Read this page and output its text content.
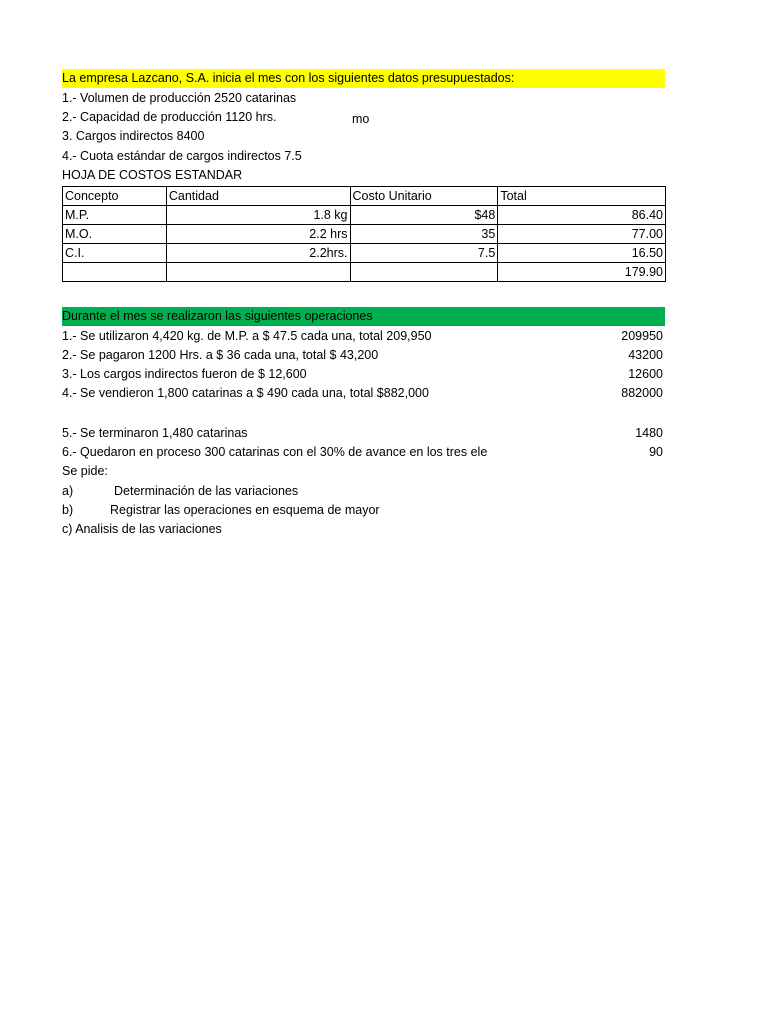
La empresa Lazcano, S.A. inicia el mes con los siguientes datos presupuestados:
1.- Volumen de producción 2520 catarinas
2.- Capacidad de producción 1120 hrs.	mo
3. Cargos indirectos 8400
4.- Cuota estándar de cargos indirectos 7.5
HOJA DE COSTOS ESTANDAR
Concepto	Cantidad	Costo Unitario	Total
M.P.	1.8 kg	$48	86.40
M.O.	2.2 hrs	35	77.00
C.I.	2.2hrs.	7.5	16.50
			179.90
Durante el mes se realizaron las siguientes operaciones
1.- Se utilizaron 4,420 kg. de M.P. a $ 47.5 cada una, total 209,950	209950
2.- Se pagaron 1200 Hrs. a $ 36 cada una, total $ 43,200	43200
3.- Los cargos indirectos fueron de $ 12,600	12600
4.- Se vendieron 1,800 catarinas a $ 490 cada una, total $882,000	882000
5.- Se terminaron 1,480 catarinas	1480
6.- Quedaron en proceso 300 catarinas con el 30% de avance en los tres ele	90
Se pide:
a)	Determinación de las variaciones
b)	Registrar las operaciones en esquema de mayor
c) Analisis de las variaciones
